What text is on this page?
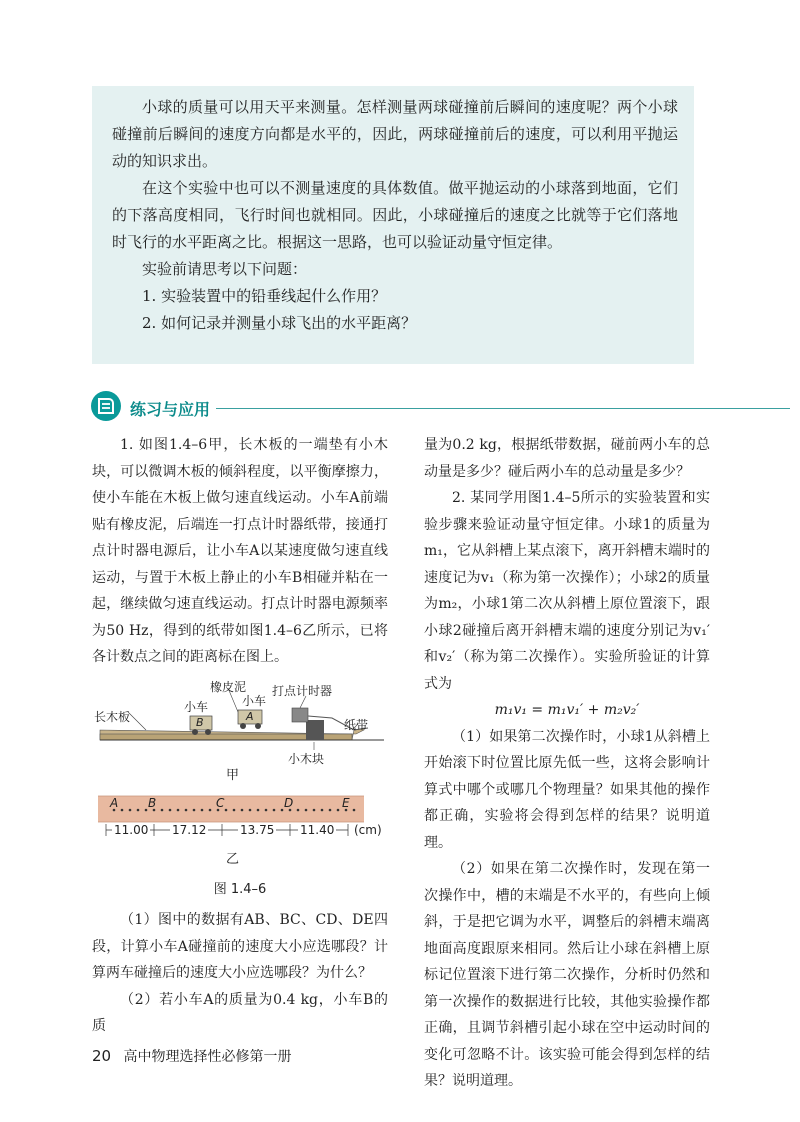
小球的质量可以用天平来测量。怎样测量两球碰撞前后瞬间的速度呢？两个小球碰撞前后瞬间的速度方向都是水平的，因此，两球碰撞前后的速度，可以利用平抛运动的知识求出。

在这个实验中也可以不测量速度的具体数值。做平抛运动的小球落到地面，它们的下落高度相同，飞行时间也就相同。因此，小球碰撞后的速度之比就等于它们落地时飞行的水平距离之比。根据这一思路，也可以验证动量守恒定律。

实验前请思考以下问题：

1. 实验装置中的铅垂线起什么作用？

2. 如何记录并测量小球飞出的水平距离？

练习与应用

1. 如图1.4–6甲，长木板的一端垫有小木块，可以微调木板的倾斜程度，以平衡摩擦力，使小车能在木板上做匀速直线运动。小车A前端贴有橡皮泥，后端连一打点计时器纸带，接通打点计时器电源后，让小车A以某速度做匀速直线运动，与置于木板上静止的小车B相碰并粘在一起，继续做匀速直线运动。打点计时器电源频率为50 Hz，得到的纸带如图1.4–6乙所示，已将各计数点之间的距离标在图上。

长木板
橡皮泥
小车
B
小车
A
打点计时器
纸带
小木块
甲
A B	C	D	E
11.00 17.12	13.75 11.40 (cm)
乙
图 1.4–6

（1）图中的数据有AB、BC、CD、DE四段，计算小车A碰撞前的速度大小应选哪段？计算两车碰撞后的速度大小应选哪段？为什么？

（2）若小车A的质量为0.4 kg，小车B的质

量为0.2 kg，根据纸带数据，碰前两小车的总动量是多少？碰后两小车的总动量是多少？

2. 某同学用图1.4–5所示的实验装置和实验步骤来验证动量守恒定律。小球1的质量为m₁，它从斜槽上某点滚下，离开斜槽末端时的速度记为v₁（称为第一次操作）；小球2的质量为m₂，小球1第二次从斜槽上原位置滚下，跟小球2碰撞后离开斜槽末端的速度分别记为v₁′和v₂′（称为第二次操作）。实验所验证的计算式为

m₁v₁ = m₁v₁′ + m₂v₂′

（1）如果第二次操作时，小球1从斜槽上开始滚下时位置比原先低一些，这将会影响计算式中哪个或哪几个物理量？如果其他的操作都正确，实验将会得到怎样的结果？说明道理。

（2）如果在第二次操作时，发现在第一次操作中，槽的末端是不水平的，有些向上倾斜，于是把它调为水平，调整后的斜槽末端离地面高度跟原来相同。然后让小球在斜槽上原标记位置滚下进行第二次操作，分析时仍然和第一次操作的数据进行比较，其他实验操作都正确，且调节斜槽引起小球在空中运动时间的变化可忽略不计。该实验可能会得到怎样的结果？说明道理。

20 高中物理选择性必修第一册
